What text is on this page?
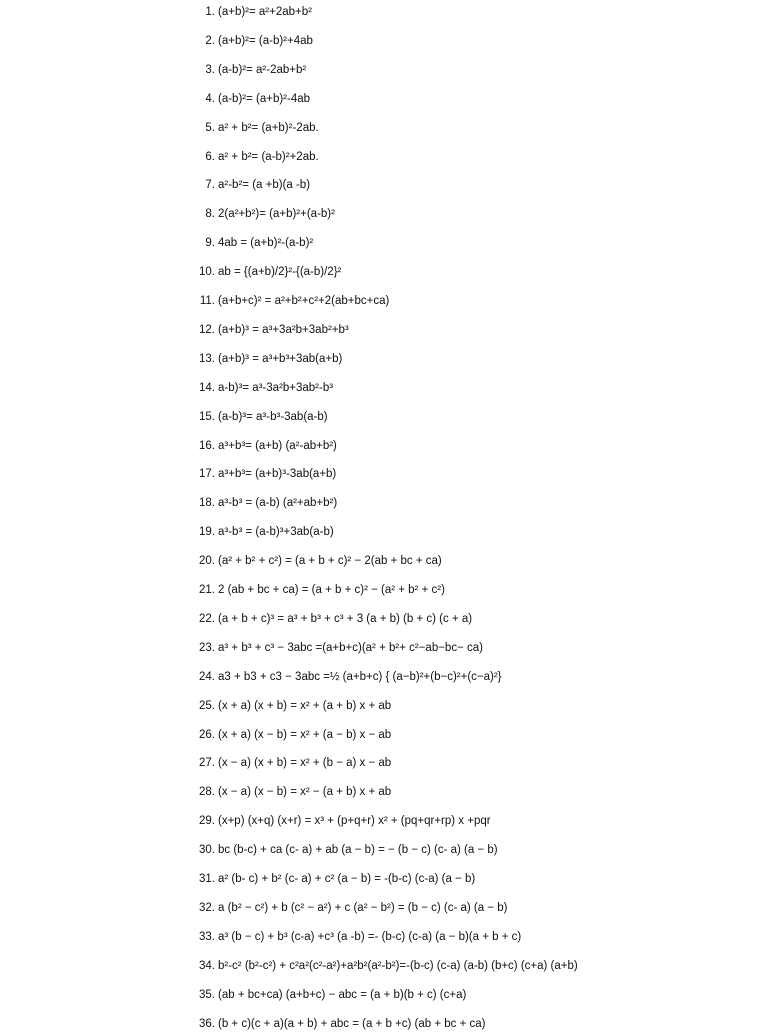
1. (a+b)²= a²+2ab+b²
2. (a+b)²= (a-b)²+4ab
3. (a-b)²= a²-2ab+b²
4. (a-b)²= (a+b)²-4ab
5. a² + b²= (a+b)²-2ab.
6. a² + b²= (a-b)²+2ab.
7. a²-b²= (a +b)(a -b)
8. 2(a²+b²)= (a+b)²+(a-b)²
9. 4ab = (a+b)²-(a-b)²
10. ab = {(a+b)/2}²-{(a-b)/2}²
11. (a+b+c)² = a²+b²+c²+2(ab+bc+ca)
12. (a+b)³ = a³+3a²b+3ab²+b³
13. (a+b)³ = a³+b³+3ab(a+b)
14. a-b)³= a³-3a²b+3ab²-b³
15. (a-b)³= a³-b³-3ab(a-b)
16. a³+b³= (a+b) (a²-ab+b²)
17. a³+b³= (a+b)³-3ab(a+b)
18. a³-b³ = (a-b) (a²+ab+b²)
19. a³-b³ = (a-b)³+3ab(a-b)
20. (a² + b² + c²) = (a + b + c)² − 2(ab + bc + ca)
21. 2 (ab + bc + ca) = (a + b + c)² − (a² + b² + c²)
22. (a + b + c)³ = a³ + b³ + c³ + 3 (a + b) (b + c) (c + a)
23. a³ + b³ + c³ − 3abc =(a+b+c)(a² + b²+ c²−ab−bc− ca)
24. a3 + b3 + c3 − 3abc =½ (a+b+c) { (a−b)²+(b−c)²+(c−a)²}
25. (x + a) (x + b) = x² + (a + b) x + ab
26. (x + a) (x − b) = x² + (a − b) x − ab
27. (x − a) (x + b) = x² + (b − a) x − ab
28. (x − a) (x − b) = x² − (a + b) x + ab
29. (x+p) (x+q) (x+r) = x³ + (p+q+r) x² + (pq+qr+rp) x +pqr
30. bc (b-c) + ca (c- a) + ab (a − b) = − (b − c) (c- a) (a − b)
31. a² (b- c) + b² (c- a) + c² (a − b) = -(b-c) (c-a) (a − b)
32. a (b² − c²) + b (c² − a²) + c (a² − b²) = (b − c) (c- a) (a − b)
33. a³ (b − c) + b³ (c-a) +c³ (a -b) =- (b-c) (c-a) (a − b)(a + b + c)
34. b²-c² (b²-c²) + c²a²(c²-a²)+a²b²(a²-b²)=-(b-c) (c-a) (a-b) (b+c) (c+a) (a+b)
35. (ab + bc+ca) (a+b+c) − abc = (a + b)(b + c) (c+a)
36. (b + c)(c + a)(a + b) + abc = (a + b +c) (ab + bc + ca)
